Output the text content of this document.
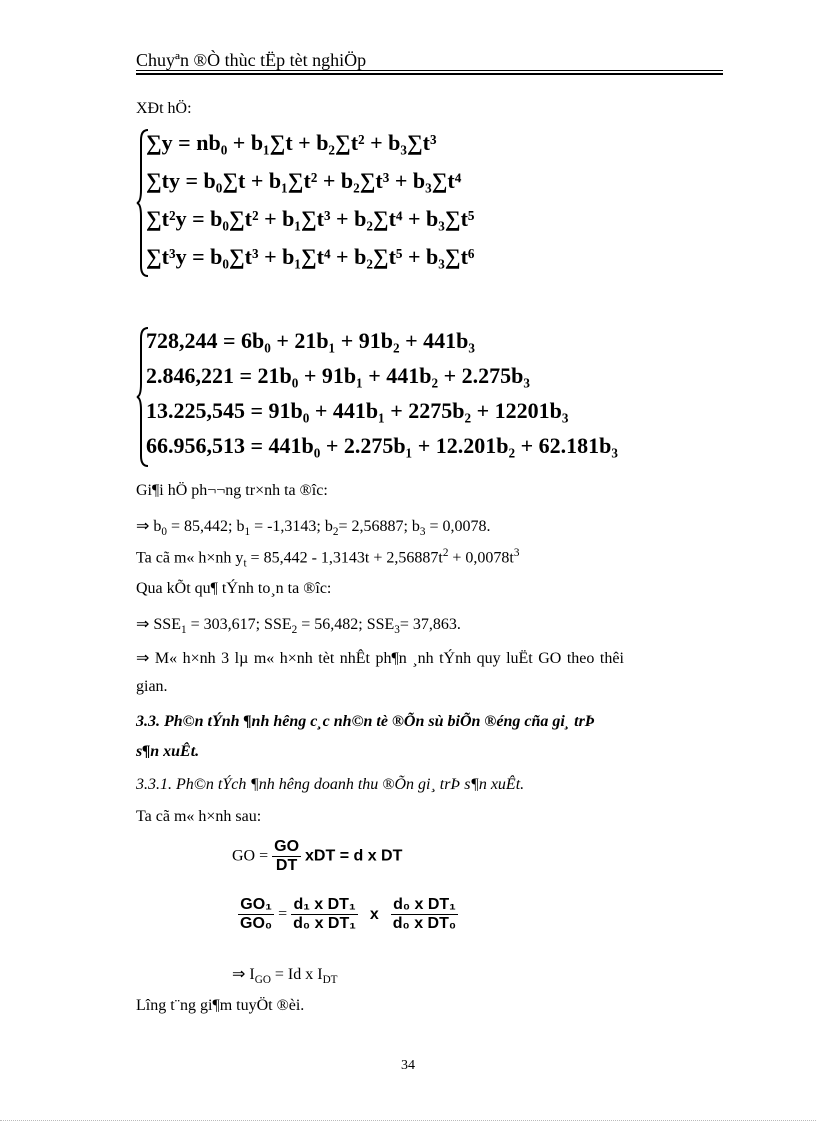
Chuyªn ®Ò thùc tËp tèt nghiÖp
XÐt hÖ:
∑y = nb₀ + b₁∑t + b₂∑t² + b₃∑t³
∑ty = b₀∑t + b₁∑t² + b₂∑t³ + b₃∑t⁴
∑t²y = b₀∑t² + b₁∑t³ + b₂∑t⁴ + b₃∑t⁵
∑t³y = b₀∑t³ + b₁∑t⁴ + b₂∑t⁵ + b₃∑t⁶
728,244 = 6b₀ + 21b₁ + 91b₂ + 441b₃
2.846,221 = 21b₀ + 91b₁ + 441b₂ + 2.275b₃
13.225,545 = 91b₀ + 441b₁ + 2275b₂ + 12201b₃
66.956,513 = 441b₀ + 2.275b₁ + 12.201b₂ + 62.181b₃
Gi¶i hÖ ph¬¬ng tr×nh ta ®îc:
⇒ $b_0 = 85,442$; $b_1 = -1,3143$; $b_2= 2,56887$; $b_3 = 0,0078$.
Ta cã m« h×nh $y_t = 85,442 - 1,3143t + 2,56887t^2 + 0,0078t^3$
Qua kÕt qu¶ tÝnh to¸n ta ®îc:
⇒ $SSE_1 = 303,617$; $SSE_2 = 56,482$; $SSE_3= 37,863$.
⇒ M« h×nh 3 lµ m« h×nh tèt nhÊt ph¶n ¸nh tÝnh quy luËt GO theo thêi
gian.
3.3. Ph©n tÝnh ¶nh hêng c¸c nh©n tè ®Õn sù biÕn ®éng cña gi¸ trÞ
s¶n xuÊt.
3.3.1. Ph©n tÝch ¶nh hêng doanh thu ®Õn gi¸ trÞ s¶n xuÊt.
Ta cã m« h×nh sau:
GO = $\frac{GO}{DT}$ xDT = d x DT
$\frac{\text{GO₁}}{\text{GO₀}} = \frac{\text{d₁ x DT₁}}{\text{d₀ x DT₁}}$ x $\frac{\text{d₀ x DT₁}}{\text{d₀ x DT₀}}$
⇒ $I_{GO} = Id$ x $I_{DT}$
Lîng t¨ng gi¶m tuyÖt ®èi.
34
